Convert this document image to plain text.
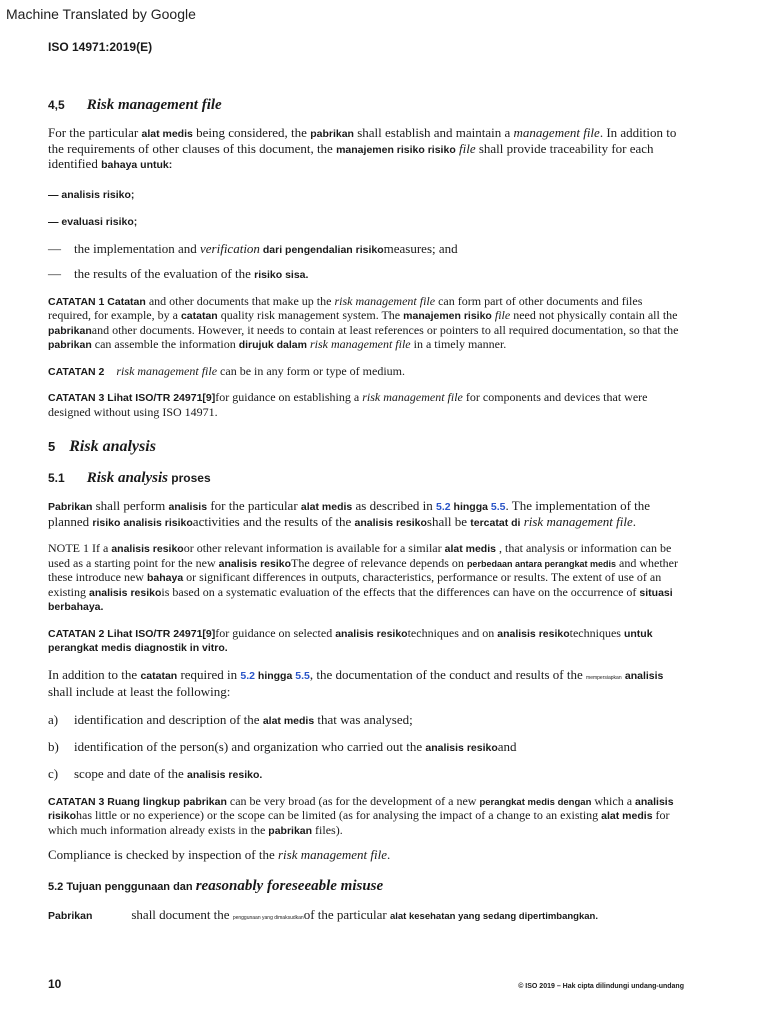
Machine Translated by Google
ISO 14971:2019(E)

4,5 Risk management file

For the particular alat medis being considered, the pabrikan shall establish and maintain a management file. In addition to the requirements of other clauses of this document, the manajemen risiko risiko file shall provide traceability for each identified bahaya untuk:

— analisis risiko;

— evaluasi risiko;

— the implementation and verification dari pengendalian risikomeasures; and

— the results of the evaluation of the risiko sisa.

CATATAN 1 Catatan and other documents that make up the risk management file can form part of other documents and files required, for example, by a catatan quality risk management system. The manajemen risiko file need not physically contain all the pabrikanand other documents. However, it needs to contain at least references or pointers to all required documentation, so that the pabrikan can assemble the information dirujuk dalam risk management file in a timely manner.

CATATAN 2 risk management file can be in any form or type of medium.

CATATAN 3 Lihat ISO/TR 24971[9]for guidance on establishing a risk management file for components and devices that were designed without using ISO 14971.

5 Risk analysis

5.1 Risk analysis proses

Pabrikan shall perform analisis for the particular alat medis as described in 5.2 hingga 5.5. The implementation of the planned risiko analisis risikoactivities and the results of the analisis resikoshall be tercatat di risk management file.

NOTE 1 If a analisis resikoor other relevant information is available for a similar alat medis , that analysis or information can be used as a starting point for the new analisis resikoThe degree of relevance depends on perbedaan antara perangkat medis and whether these introduce new bahaya or significant differences in outputs, characteristics, performance or results. The extent of use of an existing analisis resikois based on a systematic evaluation of the effects that the differences can have on the occurrence of situasi berbahaya.

CATATAN 2 Lihat ISO/TR 24971[9]for guidance on selected analisis resikotechniques and on analisis resikotechniques untuk perangkat medis diagnostik in vitro.

In addition to the catatan required in 5.2 hingga 5.5, the documentation of the conduct and results of the mempersiapkan analisis shall include at least the following:

a)	identification and description of the alat medis that was analysed;

b)	identification of the person(s) and organization who carried out the analisis resikoand

c)	scope and date of the analisis resiko.

CATATAN 3 Ruang lingkup pabrikan can be very broad (as for the development of a new perangkat medis dengan which a analisis risikohas little or no experience) or the scope can be limited (as for analysing the impact of a change to an existing alat medis for which much information already exists in the pabrikan files).

Compliance is checked by inspection of the risk management file.

5.2 Tujuan penggunaan dan reasonably foreseeable misuse

Pabrikan	shall document the penggunaan yang dimaksudkanof the particular alat kesehatan yang sedang dipertimbangkan.

10	© ISO 2019 – Hak cipta dilindungi undang-undang
